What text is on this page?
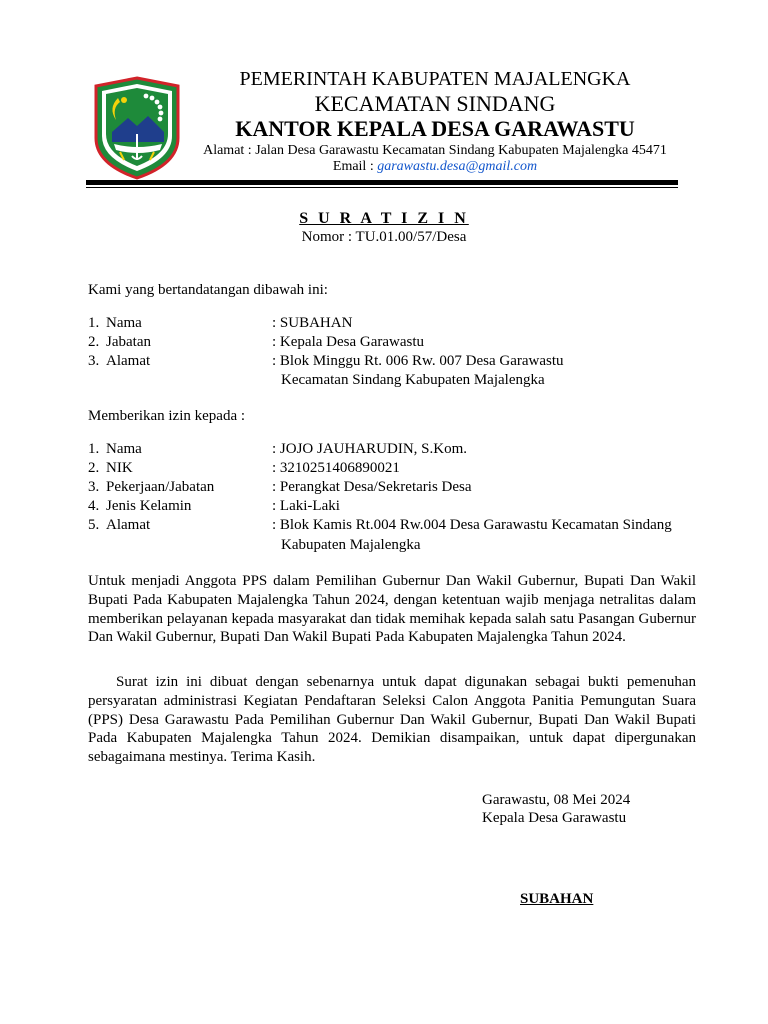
PEMERINTAH KABUPATEN MAJALENGKA
KECAMATAN SINDANG
KANTOR KEPALA DESA GARAWASTU
Alamat : Jalan Desa Garawastu Kecamatan Sindang Kabupaten Majalengka 45471
Email : garawastu.desa@gmail.com
S U R A T I Z I N
Nomor : TU.01.00/57/Desa
Kami yang bertandatangan dibawah ini:
1. Nama	: SUBAHAN
2. Jabatan	: Kepala Desa Garawastu
3. Alamat	: Blok Minggu Rt. 006 Rw. 007 Desa Garawastu
Kecamatan Sindang Kabupaten Majalengka
Memberikan izin kepada :
1. Nama	: JOJO JAUHARUDIN, S.Kom.
2. NIK	: 3210251406890021
3. Pekerjaan/Jabatan	: Perangkat Desa/Sekretaris Desa
4. Jenis Kelamin	: Laki-Laki
5. Alamat	: Blok Kamis Rt.004 Rw.004 Desa Garawastu Kecamatan Sindang
Kabupaten Majalengka
Untuk menjadi Anggota PPS dalam Pemilihan Gubernur Dan Wakil Gubernur, Bupati Dan Wakil Bupati Pada Kabupaten Majalengka Tahun 2024, dengan ketentuan wajib menjaga netralitas dalam memberikan pelayanan kepada masyarakat dan tidak memihak kepada salah satu Pasangan Gubernur Dan Wakil Gubernur, Bupati Dan Wakil Bupati Pada Kabupaten Majalengka Tahun 2024.
Surat izin ini dibuat dengan sebenarnya untuk dapat digunakan sebagai bukti pemenuhan persyaratan administrasi Kegiatan Pendaftaran Seleksi Calon Anggota Panitia Pemungutan Suara (PPS) Desa Garawastu Pada Pemilihan Gubernur Dan Wakil Gubernur, Bupati Dan Wakil Bupati Pada Kabupaten Majalengka Tahun 2024. Demikian disampaikan, untuk dapat dipergunakan sebagaimana mestinya. Terima Kasih.
Garawastu, 08 Mei 2024
Kepala Desa Garawastu
SUBAHAN
